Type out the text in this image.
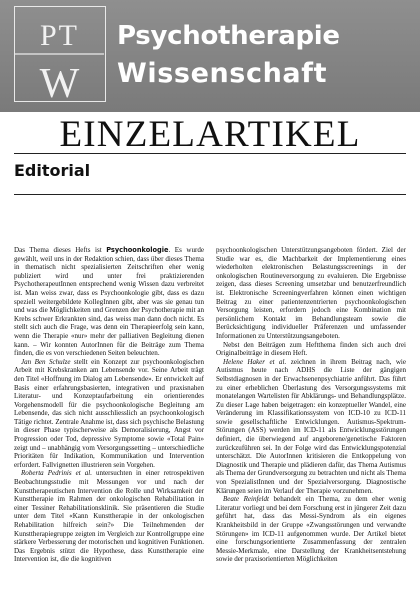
PT
W
Psychotherapie
Wissenschaft
EINZELARTIKEL
Editorial

Das Thema dieses Hefts ist Psychoonkologie. Es wurde gewählt, weil uns in der Redaktion schien, dass über dieses Thema in thematisch nicht spezialisierten Zeitschriften eher wenig publiziert wird und unter frei praktizierenden PsychotherapeutInnen entsprechend wenig Wissen dazu verbreitet ist. Man weiss zwar, dass es Psychoonkologie gibt, dass es dazu speziell weitergebildete KollegInnen gibt, aber was sie genau tun und was die Möglichkeiten und Grenzen der Psychotherapie mit an Krebs schwer Erkrankten sind, das weiss man dann doch nicht. Es stellt sich auch die Frage, was denn ein Therapieerfolg sein kann, wenn die Therapie «nur» mehr der palliativen Begleitung dienen kann. – Wir konnten AutorInnen für die Beiträge zum Thema finden, die es von verschiedenen Seiten beleuchten.

Jan Ben Schulze stellt ein Konzept zur psychoonkologischen Arbeit mit Krebskranken am Lebensende vor. Seine Arbeit trägt den Titel «Hoffnung im Dialog am Lebensende». Er entwickelt auf Basis einer erfahrungsbasierten, integrativen und praxisnahen Literatur- und Konzeptaufarbeitung ein orientierendes Vorgehensmodell für die psychoonkologische Begleitung am Lebensende, das sich nicht ausschliesslich an psychoonkologisch Tätige richtet. Zentrale Anahme ist, dass sich psychische Belastung in dieser Phase typischerweise als Demoralisierung, Angst vor Progression oder Tod, depressive Symptome sowie «Total Pain» zeigt und – unabhängig vom Versorgungssetting – unterschiedliche Prioritäten für Indikation, Kommunikation und Intervention erfordert. Fallvignetten illustrieren sein Vorgehen.

Roberta Pedrinis et al. untersuchten in einer retrospektiven Beobachtungsstudie mit Messungen vor und nach der Kunsttherapeutischen Intervention die Rolle und Wirksamkeit der Kunsttherapie im Rahmen der onkologischen Rehabilitation in einer Tessiner Rehabilitationsklinik. Sie präsentieren die Studie unter dem Titel «Kann Kunsttherapie in der onkologischen Rehabilitation hilfreich sein?» Die Teilnehmenden der Kunsttherapiegruppe zeigten im Vergleich zur Kontrollgruppe eine stärkere Verbesserung der motorischen und kognitiven Funktionen. Das Ergebnis stützt die Hypothese, dass Kunsttherapie eine Intervention ist, die die kognitiven

psychoonkologischen Unterstützungsangeboten fördert. Ziel der Studie war es, die Machbarkeit der Implementierung eines wiederholten elektronischen Belastungsscreenings in der onkologischen Routineversorgung zu evaluieren. Die Ergebnisse zeigen, dass dieses Screening umsetzbar und benutzerfreundlich ist. Elektronische Screeningverfahren können einen wichtigen Beitrag zu einer patientenzentrierten psychoonkologischen Versorgung leisten, erfordern jedoch eine Kombination mit persönlichem Kontakt im Behandlungsteam sowie die Berücksichtigung individueller Präferenzen und umfassender Informationen zu Unterstützungsangeboten.

Nebst den Beiträgen zum Heftthema finden sich auch drei Originalbeiträge in diesem Heft.

Helene Haker et al. zeichnen in ihrem Beitrag nach, wie Autismus heute nach ADHS die Liste der gängigen Selbstdiagnosen in der Erwachsenenpsychiatrie anführt. Das führt zu einer erheblichen Überlastung des Versorgungssystems mit monatelangen Wartelisten für Abklärungs- und Behandlungsplätze. Zu dieser Lage haben beigetragen: ein konzeptueller Wandel, eine Veränderung im Klassifikationssystem von ICD-10 zu ICD-11 sowie gesellschaftliche Entwicklungen. Autismus-Spektrum-Störungen (ASS) werden im ICD-11 als Entwicklungsstörungen definiert, die überwiegend auf angeborene/genetische Faktoren zurückzuführen sei. In der Folge wird das Entwicklungspotenzial unterschätzt. Die AutorInnen kritisieren die Entkoppelung von Diagnostik und Therapie und plädieren dafür, das Thema Autismus als Thema der Grundversorgung zu betrachten und nicht als Thema von SpezialistInnen und der Spezialversorgung. Diagnostische Klärungen seien im Verlauf der Therapie vorzunehmen.

Beate Reinfeldt behandelt ein Thema, zu dem eher wenig Literatur vorliegt und bei dem Forschung erst in jüngerer Zeit dazu geführt hat, dass das Messi-Syndrom als ein eigenes Krankheitsbild in der Gruppe «Zwangsstörungen und verwandte Störungen» im ICD-11 aufgenommen wurde. Der Artikel bietet eine forschungsorientierte Zusammenfassung der zentralen Messie-Merkmale, eine Darstellung der Krankheitsentstehung sowie der praxisorientierten Möglichkeiten
